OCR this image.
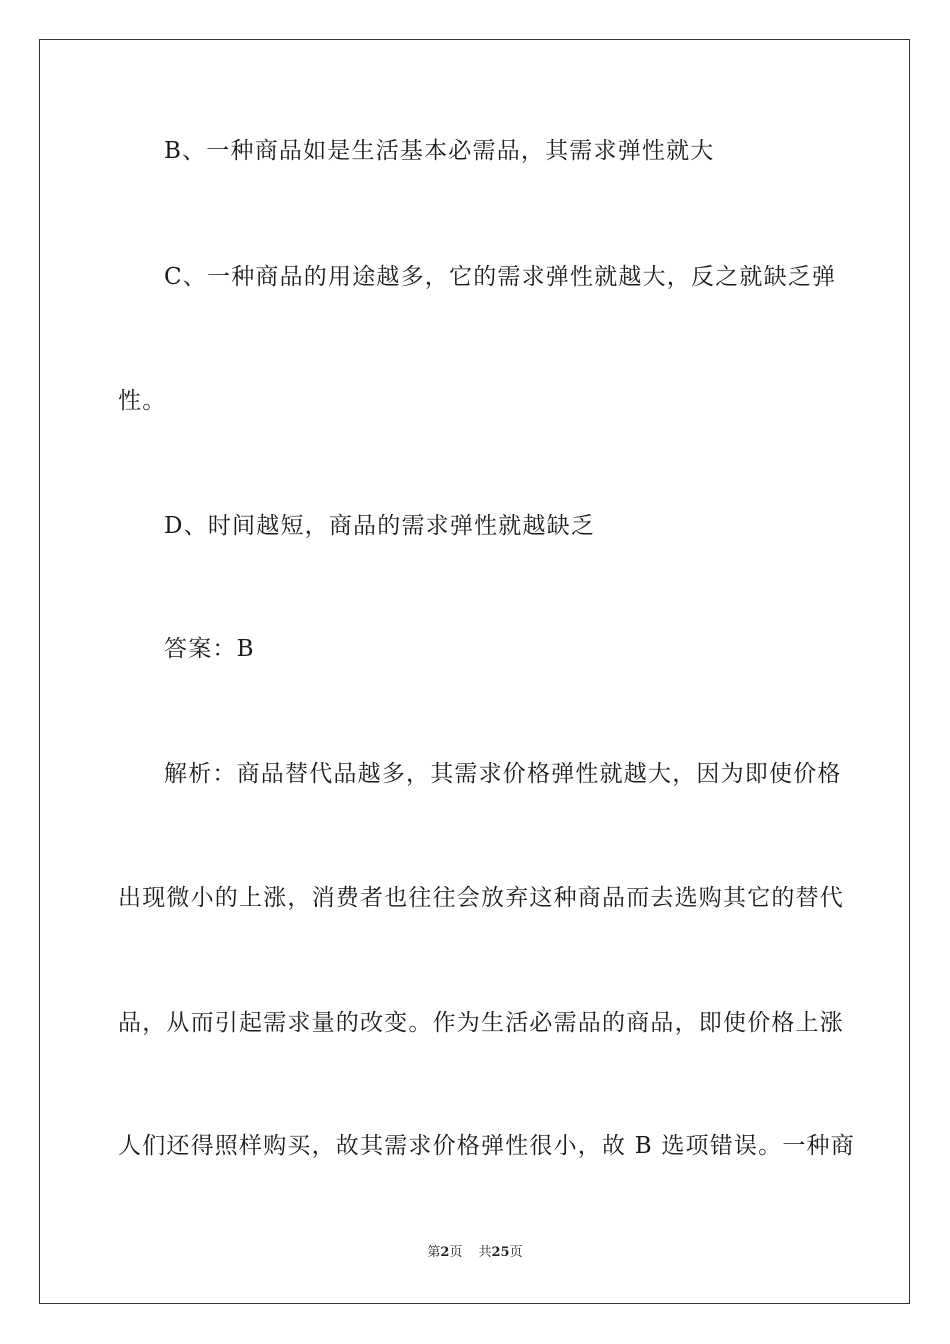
B、一种商品如是生活基本必需品，其需求弹性就大
C、一种商品的用途越多，它的需求弹性就越大，反之就缺乏弹
性。
D、时间越短，商品的需求弹性就越缺乏
答案：B
解析：商品替代品越多，其需求价格弹性就越大，因为即使价格
出现微小的上涨，消费者也往往会放弃这种商品而去选购其它的替代
品，从而引起需求量的改变。作为生活必需品的商品，即使价格上涨
人们还得照样购买，故其需求价格弹性很小，故 B 选项错误。一种商
第2页 共25页
